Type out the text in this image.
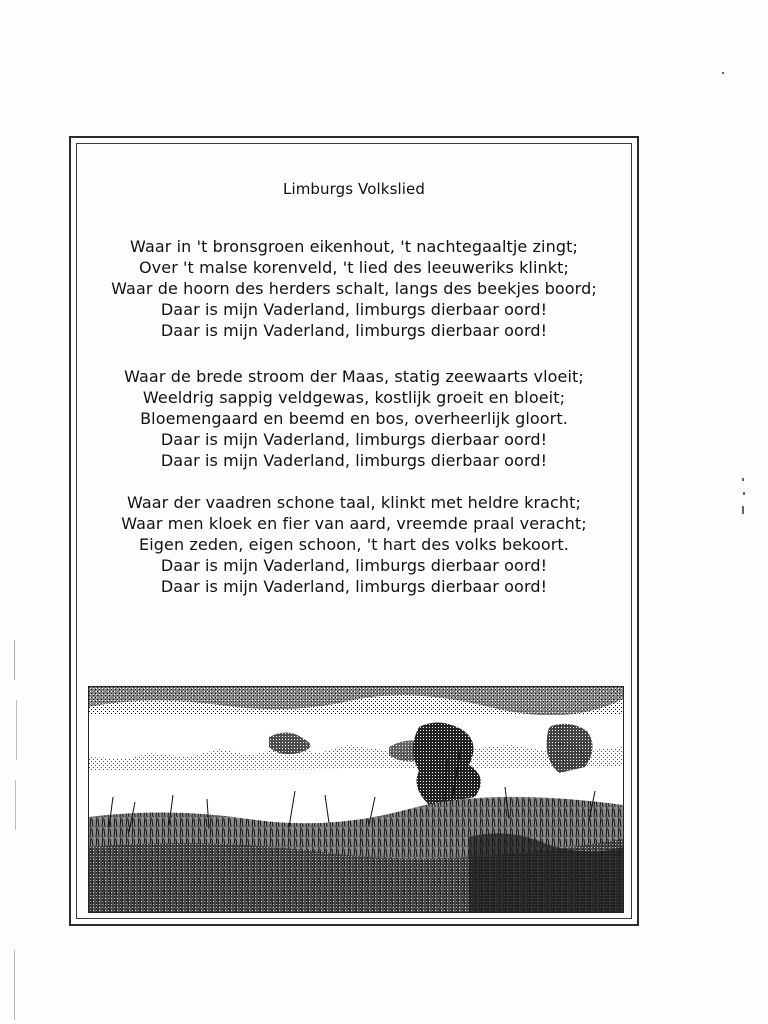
Limburgs Volkslied
Waar in 't bronsgroen eikenhout, 't nachtegaaltje zingt;
Over 't malse korenveld, 't lied des leeuweriks klinkt;
Waar de hoorn des herders schalt, langs des beekjes boord;
Daar is mijn Vaderland, limburgs dierbaar oord!
Daar is mijn Vaderland, limburgs dierbaar oord!
Waar de brede stroom der Maas, statig zeewaarts vloeit;
Weeldrig sappig veldgewas, kostlijk groeit en bloeit;
Bloemengaard en beemd en bos, overheerlijk gloort.
Daar is mijn Vaderland, limburgs dierbaar oord!
Daar is mijn Vaderland, limburgs dierbaar oord!
Waar der vaadren schone taal, klinkt met heldre kracht;
Waar men kloek en fier van aard, vreemde praal veracht;
Eigen zeden, eigen schoon, 't hart des volks bekoort.
Daar is mijn Vaderland, limburgs dierbaar oord!
Daar is mijn Vaderland, limburgs dierbaar oord!
